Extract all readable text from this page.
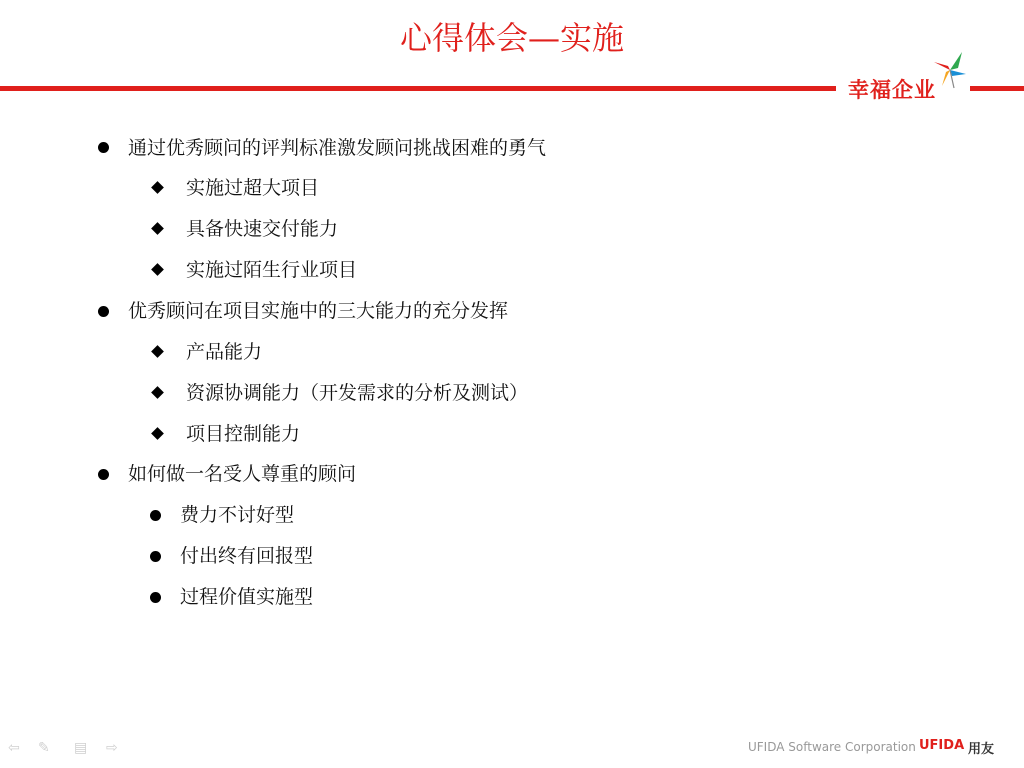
心得体会—实施
幸福企业
通过优秀顾问的评判标准激发顾问挑战困难的勇气
实施过超大项目
具备快速交付能力
实施过陌生行业项目
优秀顾问在项目实施中的三大能力的充分发挥
产品能力
资源协调能力（开发需求的分析及测试）
项目控制能力
如何做一名受人尊重的顾问
费力不讨好型
付出终有回报型
过程价值实施型
⇦ ✎ ▤ ⇨	UFIDA Software Corporation UFIDA 用友
